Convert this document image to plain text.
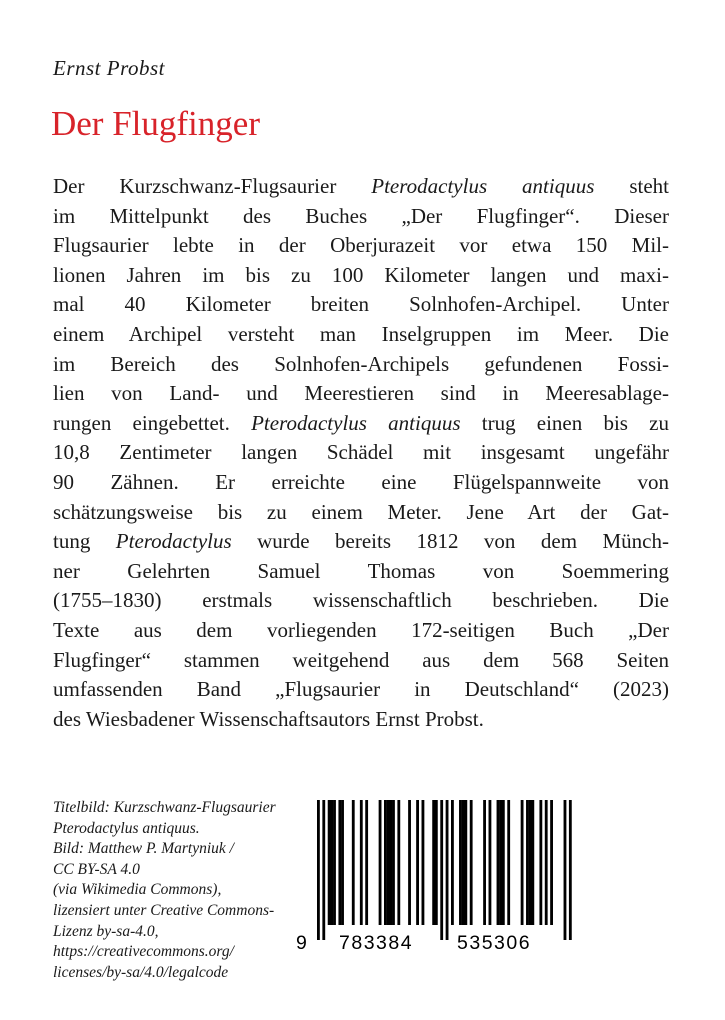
Ernst Probst
Der Flugfinger
Der Kurzschwanz-Flugsaurier Pterodactylus antiquus steht
im Mittelpunkt des Buches „Der Flugfinger“. Dieser
Flugsaurier lebte in der Oberjurazeit vor etwa 150 Mil-
lionen Jahren im bis zu 100 Kilometer langen und maxi-
mal 40 Kilometer breiten Solnhofen-Archipel. Unter
einem Archipel versteht man Inselgruppen im Meer. Die
im Bereich des Solnhofen-Archipels gefundenen Fossi-
lien von Land- und Meerestieren sind in Meeresablage-
rungen eingebettet. Pterodactylus antiquus trug einen bis zu
10,8 Zentimeter langen Schädel mit insgesamt ungefähr
90 Zähnen. Er erreichte eine Flügelspannweite von
schätzungsweise bis zu einem Meter. Jene Art der Gat-
tung Pterodactylus wurde bereits 1812 von dem Münch-
ner Gelehrten Samuel Thomas von Soemmering
(1755–1830) erstmals wissenschaftlich beschrieben. Die
Texte aus dem vorliegenden 172-seitigen Buch „Der
Flugfinger“ stammen weitgehend aus dem 568 Seiten
umfassenden Band „Flugsaurier in Deutschland“ (2023)
des Wiesbadener Wissenschaftsautors Ernst Probst.
Titelbild: Kurzschwanz-Flugsaurier
Pterodactylus antiquus.
Bild: Matthew P. Martyniuk /
CC BY-SA 4.0
(via Wikimedia Commons),
lizensiert unter Creative Commons-
Lizenz by-sa-4.0,
https://creativecommons.org/
licenses/by-sa/4.0/legalcode
9 783384 535306
